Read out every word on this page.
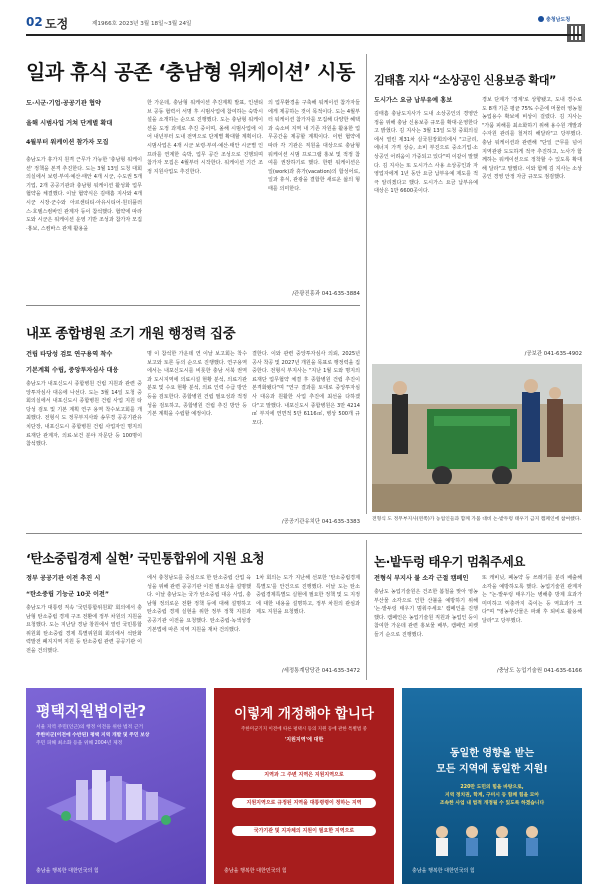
02 도정	제1966호 2023년 3월 18일~3월 24일
충청남도청
일과 휴식 공존 ‘충남형 워케이션’ 시동
도·시군·기업·공공기관 협약
올해 시범사업 거쳐 단계별 확대
4월부터 워케이션 참가자 모집
충남도가 휴가지 원격 근무가 가능한 '충남형 워케이션' 정책을 본격 추진한다. 도는 3월 13일 도청 대회의실에서 보령·부여·예산·태안 4개 시군, 수도권 5개 기업, 2개 공공기관과 충남형 워케이션 활성화 업무협약을 체결했다. 이날 협약식은 김태흠 지사와 4개 시군 시장·군수와 아르센티티·아유시티어·원더플러스·호텔스컴바인 관계자 등이 참석했다. 협약에 따라 도와 시군은 워케이션 운영 기반 조성과 참가자 모집·홍보, 스컴바스 관계 활용을
한 가운데, 충남형 워케이션 추진계획 발표, 인센티브 공동 협력서 서명 후 시범사업에 참여하는 숙박시설을 소개하는 순으로 진행했다. 도는 충남형 워케이션을 도정 과제로 추진 중이며, 올해 시범사업에 이어 내년부터 도내 전역으로 단계별 확대할 계획이다. 시범사업은 4개 시군 보령·부여·예산·태안 시군별 인프라를 연계한 숙박, 업무 공간 조성으로 진행되며 참가자 모집은 4월부터 시작한다. 워케이션 기간 조정 지원사업도 추진한다.
의 업무환경을 구축해 워케이션 참가자들에게 제공하는 것이 목적이다. 도는 4월부터 워케이션 참가자를 모집해 다양한 혜택과 숙소비 지역 내 기존 자원을 활용한 업무공간을 제공할 계획이다. 이번 협약에 따라 각 기관은 직원을 대상으로 충남형 워케이션 시범 프로그램 홍보 및 적정 참여를 권장하기로 했다. 한편 워케이션은 일(work)과 휴가(vacation)의 합성어로, 일과 휴식, 관광을 결합한 새로운 삶의 형태를 의미한다.
/관광진흥과 041-635-3884
김태흠 지사 “소상공인 신용보증 확대”
도시가스 요금 납부유예 홍보
김태흠 충남도지사가 도내 소상공인의 경영안정을 위해 충남 신용보증 규모를 확대·운영한다고 밝혔다. 김 지사는 3월 13일 도청 중회의실에서 열린 제31차 실국원장회의에서 "고금리, 에너지 가격 상승, 소비 부진으로 중소기업·소상공인 어려움이 가중되고 있다"며 이같이 말했다. 김 지사는 또 도시가스 사용 소상공인과 자영업자에게 1년 동안 요금 납부유예 제도를 적극 알리겠다고 했다. 도시가스 요금 납부유예 대상은 1만 6600곳이다.
경보 단계가 '경계'로 상향됐고, 도내 경수로도 8개 기준 평균 75% 수준에 머물러 영농철 농업용수 확보에 비상이 걸렸다. 김 지사는 "가뭄 피해를 최소화하기 위해 용수원 개발과 수자원 관리를 철저히 해달라"고 당부했다. 충남 워케이션과 관련해 "단일 근무를 넘어 지역관광 도도하게 적극 추진하고, 노사가 함께하는 워케이션으로 정착할 수 있도록 확대해 달라"고 말했다. 이와 함께 김 지사는 소상공인 경영 안정 자금 규모도 점검했다.
/공보관 041-635-4902
내포 종합병원 조기 개원 행정력 집중
건립 타당성 검토 연구용역 착수
기본계획 수립, 중앙투자심사 대응
충남도가 내포신도시 종합병원 건립 지원과 관련 중앙투자심사 대응에 나선다. 도는 3월 14일 도청 중회의실에서 내포신도시 종합병원 건립 사업 지원 타당성 검토 및 기본 계획 연구 용역 착수보고회를 개최했다. 전형식 도 정무부지사와 송무경 공공기관유치단장, 내포신도시 종합병원 건립 사업자인 명지의료재단 관계자, 의료·보건 분야 자문단 등 100명이 참석했다.
명 이 참석한 가운데 연 이날 보고회는 착수 보고와 토론 등의 순으로 진행했다. 연구용역에서는 내포신도시를 비롯한 충남 서북 권역과 도시지역에 의료시설 현황 분석, 의료기관 분포 및 수요 현황 분석, 의료 인력 수급 방안 등을 검토한다. 종합병원 건립 필요성과 적정성을 검토하고, 종합병원 건립 추진 방안 등 기본 계획을 수립할 예정이다.
결한다. 이와 관련 중앙투자심사 의뢰, 2025년 공사 착공 및 2027년 개원을 목표로 행정력을 집중한다. 전형식 부지사는 "지난 1월 도와 명지의료재단 업무협약 체결 후 종합병원 건립 추진이 본격화됐다"며 "연구 결과를 토대로 중앙투자심사 대응과 원활한 사업 추진에 최선을 다하겠다"고 말했다. 내포신도시 종합병원은 3만 4214㎡ 부지에 연면적 5만 6116㎡, 병상 500개 규모다.
/공공기관유치단 041-635-3383	전형식 도 정무부지사(왼쪽)가 농업인들과 함께 가뭄 대비 논·밭두렁 태우기 금지 캠페인에 참여했다.
‘탄소중립경제 실현’ 국민통합위에 지원 요청
정부 공공기관 이전 추진 시
“탄소중립 기능군 10곳 이전”
충남도가 대통령 직속 '국민통합위원회' 회의에서 충남형 탄소중립 경제 구조 전환에 정부 차원의 지원을 요청했다. 도는 지난달 경남 창원에서 열린 국민통합위원회 탄소중립 경제 특별위원회 회의에서 석탄화력발전 폐지지역 지원 등 탄소중립 관련 공공기관 이전을 건의했다.
에서 충청남도를 중심으로 한 탄소중립 산업 육성을 위해 관련 공공기관 이전 필요성을 설명했다. 이날 충남도는 국가 탄소중립 대응 사업, 충남형 정의로운 전환 정책 등에 대해 설명하고 탄소중립 경제 실현을 위한 정부 정책 지원과 공공기관 이전을 요청했다. 탄소중립·녹색성장 기본법에 따른 지역 지원을 재차 건의했다.
1차 회의는 도가 지난해 선포한 '탄소중립경제 특별도'를 안건으로 진행했다. 이날 도는 탄소중립경제특별도 실현에 필요한 정책 및 도 지정에 대한 내용을 설명하고, 정부 차원의 관심과 제도 지원을 요청했다.
/세정통계담당관 041-635-3472
논·밭두렁 태우기 멈춰주세요
전형식 부지사 불 소각 근절 캠페인
충남도 농업기술원은 건조한 봄철을 맞아 영농부산물 소각으로 인한 산불을 예방하기 위해 '논·밭두렁 태우기 멈춰주세요' 캠페인을 진행했다. 캠페인은 농업기술원 직원과 농업인 등이 참여한 가운데 관련 홍보물 배부, 캠페인 피켓 들기 순으로 진행했다.
또 캐비닛, 폐농약 등 쓰레기를 분리 배출해 소각을 예방하도록 했다. 농업기술원 관계자는 "논·밭두렁 태우기는 병해충 방제 효과가 미미하고 익충까지 죽이는 등 역효과가 크다"며 "영농부산물은 파쇄 후 퇴비로 활용해 달라"고 당부했다.
/충남도 농업기술원 041-635-6166
평택지원법이란?
서울 지역 주민(인근)의 행정 이전을 위한 법적 근거
주한미군(이전에 수반된) 평택 지역 개발 및 주민 보상
주민 피해 최소화 등을 위해 2004년 제정
충남을 행복한 대한민국의 힘
이렇게 개정해야 합니다
주한미군기지 이전에 따른 평택시 등의 지원 등에 관한 특별법 중
'지원지역'에 대한
지역과 그 주변 지역은 지원지역으로
지원지역으로 규정된 지역을 대통령령이 정하는 지역
국가기관 및 지자체의 지원이 필요한 지역으로
충남을 행복한 대한민국의 힘
동일한 영향을 받는
모든 지역에 동일한 지원!
220만 도민의 힘을 바탕으로,
지역 정치권, 학계, 구미시 등 함께 힘을 모아
조속한 사업 내 법적 개정될 수 있도록 하겠습니다
충남을 행복한 대한민국의 힘
